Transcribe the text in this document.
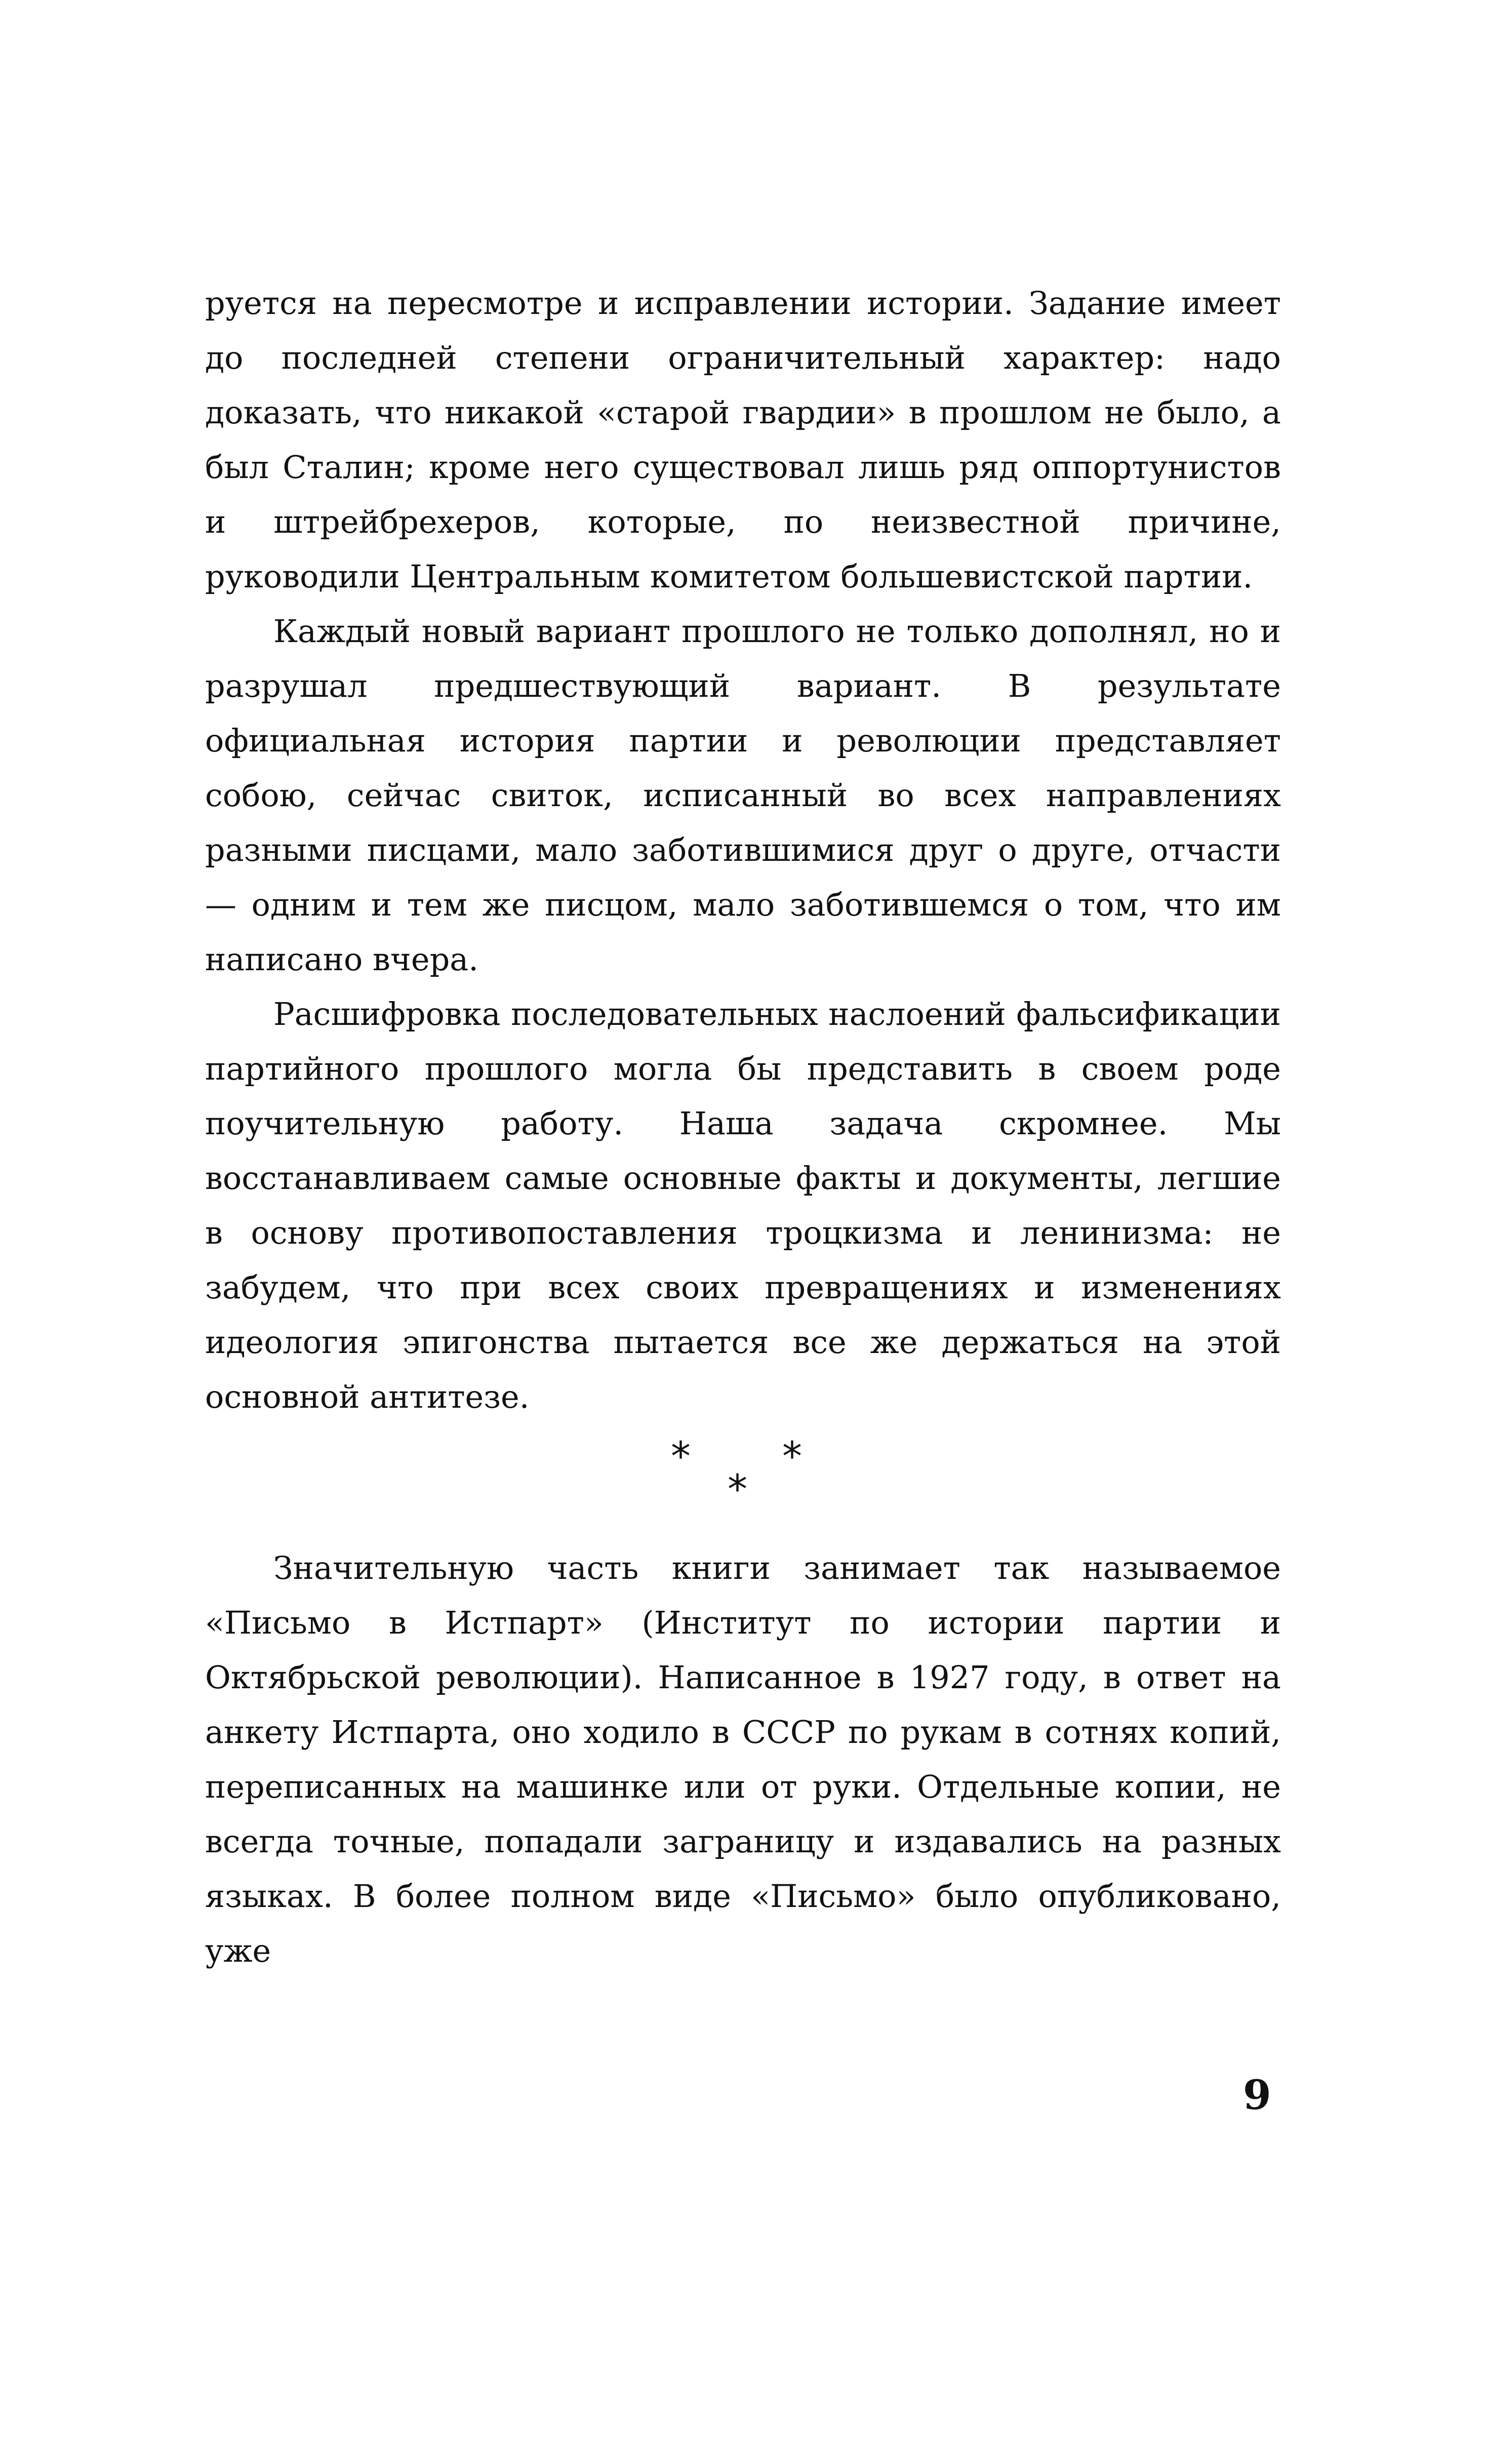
руется на пересмотре и исправлении истории. Задание имеет до последней степени ограничительный характер: надо доказать, что никакой «старой гвардии» в прошлом не было, а был Сталин; кроме него существовал лишь ряд оппортунистов и штрейбрехеров, которые, по неизвестной причине, руководили Центральным комитетом большевистской партии.

Каждый новый вариант прошлого не только дополнял, но и разрушал предшествующий вариант. В результате официальная история партии и революции представляет собою, сейчас свиток, исписанный во всех направлениях разными писцами, мало заботившимися друг о друге, отчасти — одним и тем же писцом, мало заботившемся о том, что им написано вчера.

Расшифровка последовательных наслоений фальсификации партийного прошлого могла бы представить в своем роде поучительную работу. Наша задача скромнее. Мы восстанавливаем самые основные факты и документы, легшие в основу противопоставления троцкизма и ленинизма: не забудем, что при всех своих превращениях и изменениях идеология эпигонства пытается все же держаться на этой основной антитезе.

* *
*

Значительную часть книги занимает так называемое «Письмо в Истпарт» (Институт по истории партии и Октябрьской революции). Написанное в 1927 году, в ответ на анкету Истпарта, оно ходило в СССР по рукам в сотнях копий, переписанных на машинке или от руки. Отдельные копии, не всегда точные, попадали заграницу и издавались на разных языках. В более полном виде «Письмо» было опубликовано, уже

9
